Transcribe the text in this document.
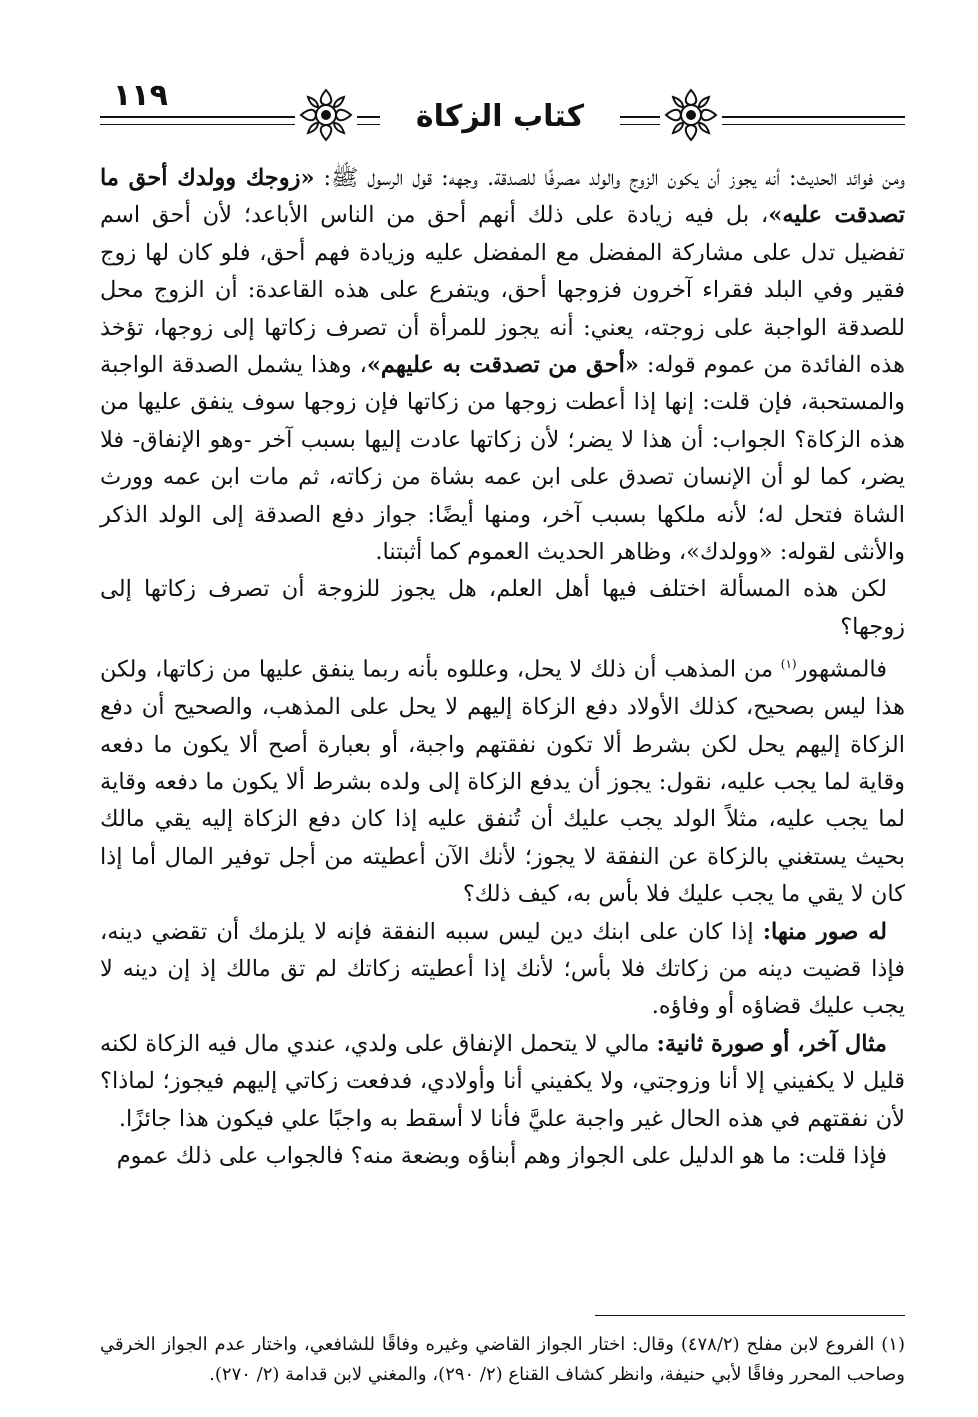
١١٩
كتاب الزكاة

ومن فوائد الحديث: أنه يجوز أن يكون الزوج والولد مصرفًا للصدقة. وجهه: قول الرسول ﷺ: «زوجك وولدك أحق ما تصدقت عليه»، بل فيه زيادة على ذلك أنهم أحق من الناس الأباعد؛ لأن أحق اسم تفضيل تدل على مشاركة المفضل مع المفضل عليه وزيادة فهم أحق، فلو كان لها زوج فقير وفي البلد فقراء آخرون فزوجها أحق، ويتفرع على هذه القاعدة: أن الزوج محل للصدقة الواجبة على زوجته، يعني: أنه يجوز للمرأة أن تصرف زكاتها إلى زوجها، تؤخذ هذه الفائدة من عموم قوله: «أحق من تصدقت به عليهم»، وهذا يشمل الصدقة الواجبة والمستحبة، فإن قلت: إنها إذا أعطت زوجها من زكاتها فإن زوجها سوف ينفق عليها من هذه الزكاة؟ الجواب: أن هذا لا يضر؛ لأن زكاتها عادت إليها بسبب آخر -وهو الإنفاق- فلا يضر، كما لو أن الإنسان تصدق على ابن عمه بشاة من زكاته، ثم مات ابن عمه وورث الشاة فتحل له؛ لأنه ملكها بسبب آخر، ومنها أيضًا: جواز دفع الصدقة إلى الولد الذكر والأنثى لقوله: «وولدك»، وظاهر الحديث العموم كما أثبتنا.

لكن هذه المسألة اختلف فيها أهل العلم، هل يجوز للزوجة أن تصرف زكاتها إلى زوجها؟

فالمشهور$^{(١)}$ من المذهب أن ذلك لا يحل، وعللوه بأنه ربما ينفق عليها من زكاتها، ولكن هذا ليس بصحيح، كذلك الأولاد دفع الزكاة إليهم لا يحل على المذهب، والصحيح أن دفع الزكاة إليهم يحل لكن بشرط ألا تكون نفقتهم واجبة، أو بعبارة أصح ألا يكون ما دفعه وقاية لما يجب عليه، نقول: يجوز أن يدفع الزكاة إلى ولده بشرط ألا يكون ما دفعه وقاية لما يجب عليه، مثلاً الولد يجب عليك أن تُنفق عليه إذا كان دفع الزكاة إليه يقي مالك بحيث يستغني بالزكاة عن النفقة لا يجوز؛ لأنك الآن أعطيته من أجل توفير المال أما إذا كان لا يقي ما يجب عليك فلا بأس به، كيف ذلك؟

له صور منها: إذا كان على ابنك دين ليس سببه النفقة فإنه لا يلزمك أن تقضي دينه، فإذا قضيت دينه من زكاتك فلا بأس؛ لأنك إذا أعطيته زكاتك لم تق مالك إذ إن دينه لا يجب عليك قضاؤه أو وفاؤه.

مثال آخر، أو صورة ثانية: مالي لا يتحمل الإنفاق على ولدي، عندي مال فيه الزكاة لكنه قليل لا يكفيني إلا أنا وزوجتي، ولا يكفيني أنا وأولادي، فدفعت زكاتي إليهم فيجوز؛ لماذا؟ لأن نفقتهم في هذه الحال غير واجبة عليَّ فأنا لا أسقط به واجبًا علي فيكون هذا جائزًا.

فإذا قلت: ما هو الدليل على الجواز وهم أبناؤه وبضعة منه؟ فالجواب على ذلك عموم

(١) الفروع لابن مفلح (٤٧٨/٢) وقال: اختار الجواز القاضي وغيره وفاقًا للشافعي، واختار عدم الجواز الخرقي وصاحب المحرر وفاقًا لأبي حنيفة، وانظر كشاف القناع (٢/ ٢٩٠)، والمغني لابن قدامة (٢/ ٢٧٠).
